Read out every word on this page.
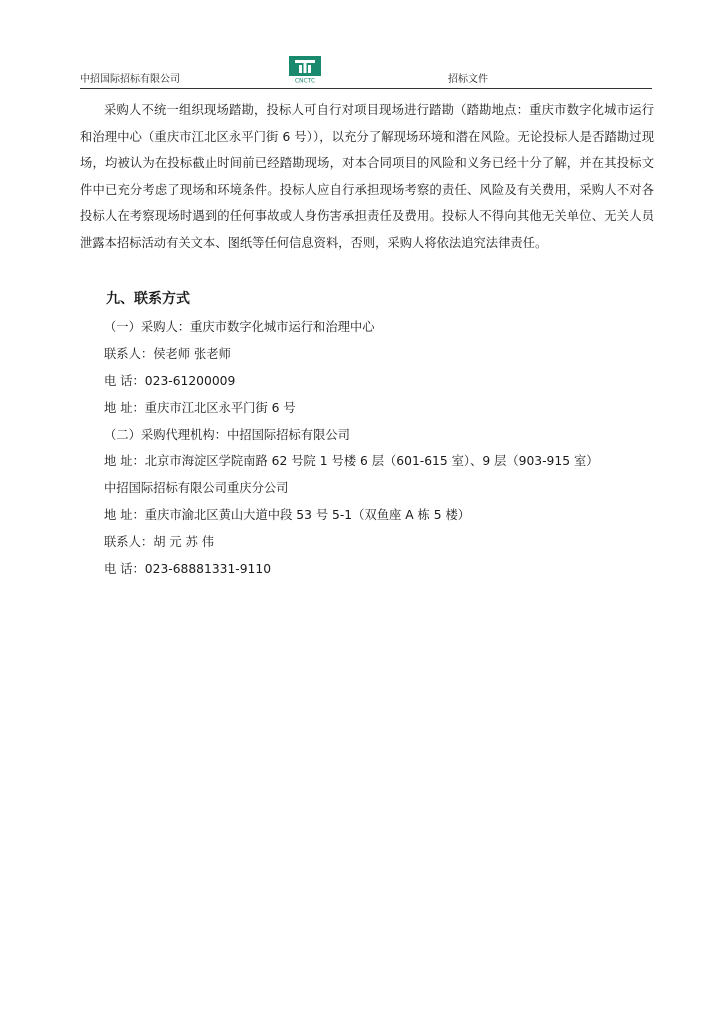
中招国际招标有限公司	CNCTC	招标文件

采购人不统一组织现场踏勘，投标人可自行对项目现场进行踏勘（踏勘地点：重庆市数字化城市运行和治理中心（重庆市江北区永平门街 6 号）），以充分了解现场环境和潜在风险。无论投标人是否踏勘过现场，均被认为在投标截止时间前已经踏勘现场，对本合同项目的风险和义务已经十分了解，并在其投标文件中已充分考虑了现场和环境条件。投标人应自行承担现场考察的责任、风险及有关费用，采购人不对各投标人在考察现场时遇到的任何事故或人身伤害承担责任及费用。投标人不得向其他无关单位、无关人员泄露本招标活动有关文本、图纸等任何信息资料，否则，采购人将依法追究法律责任。

九、联系方式

（一）采购人：重庆市数字化城市运行和治理中心

联系人：侯老师 张老师

电 话：023-61200009

地 址：重庆市江北区永平门街 6 号

（二）采购代理机构：中招国际招标有限公司

地 址：北京市海淀区学院南路 62 号院 1 号楼 6 层（601-615 室）、9 层（903-915 室）

中招国际招标有限公司重庆分公司

地 址：重庆市渝北区黄山大道中段 53 号 5-1（双鱼座 A 栋 5 楼）

联系人：胡 元 苏 伟

电 话：023-68881331-9110
